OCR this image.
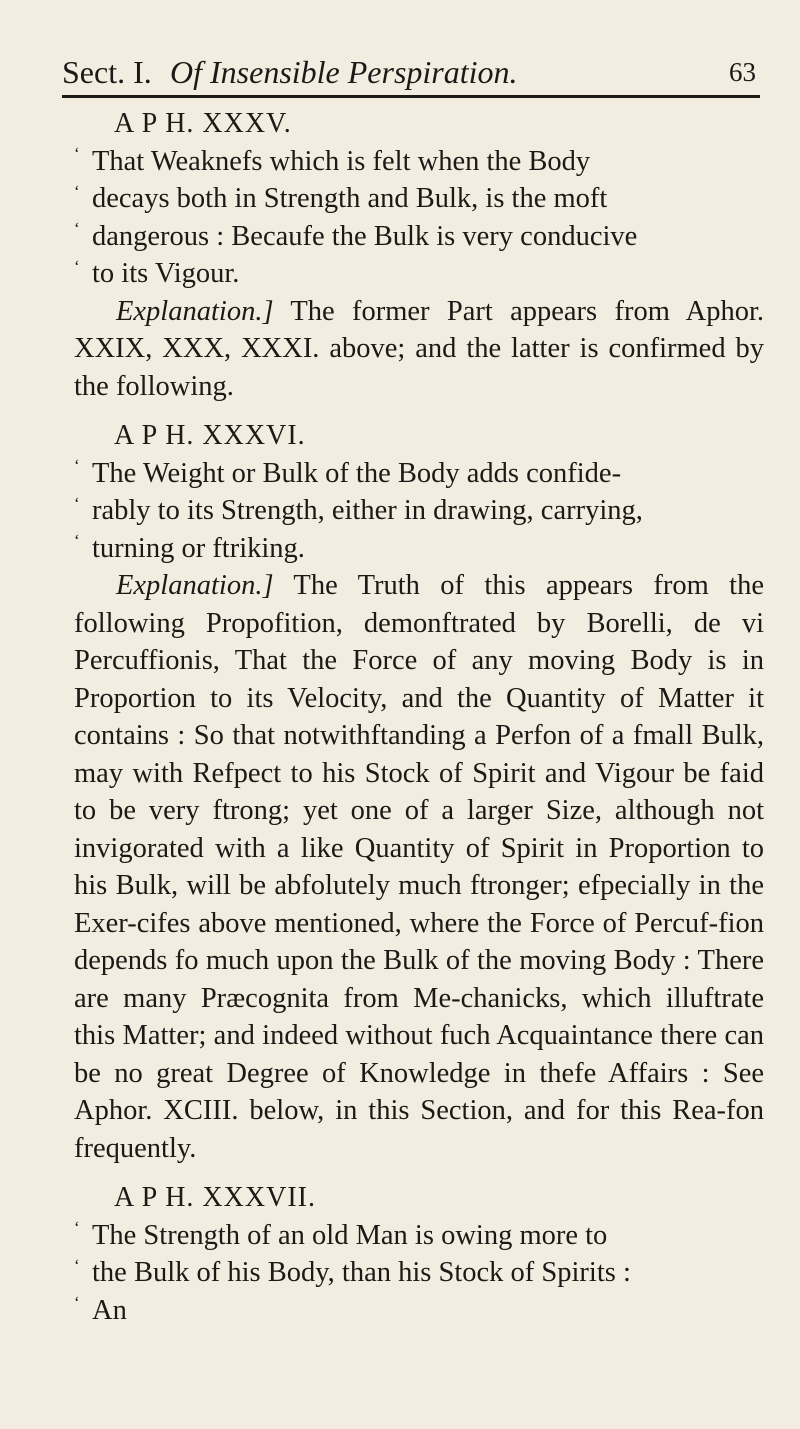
Sect. I. Of Insensible Perspiration.	63

A P H. XXXV.

‘ That Weaknefs which is felt when the Body

‘ decays both in Strength and Bulk, is the moft

‘ dangerous : Becaufe the Bulk is very conducive

‘ to its Vigour.

Explanation.] The former Part appears from Aphor. XXIX, XXX, XXXI. above; and the latter is confirmed by the following.

A P H. XXXVI.

‘ The Weight or Bulk of the Body adds confide-

‘ rably to its Strength, either in drawing, carrying,

‘ turning or ftriking.

Explanation.] The Truth of this appears from the following Propofition, demonftrated by Borelli, de vi Percuffionis, That the Force of any moving Body is in Proportion to its Velocity, and the Quantity of Matter it contains : So that notwithftanding a Perfon of a fmall Bulk, may with Refpect to his Stock of Spirit and Vigour be faid to be very ftrong; yet one of a larger Size, although not invigorated with a like Quantity of Spirit in Proportion to his Bulk, will be abfolutely much ftronger; efpecially in the Exer-cifes above mentioned, where the Force of Percuf-fion depends fo much upon the Bulk of the moving Body : There are many Præcognita from Me-chanicks, which illuftrate this Matter; and indeed without fuch Acquaintance there can be no great Degree of Knowledge in thefe Affairs : See Aphor. XCIII. below, in this Section, and for this Rea-fon frequently.

A P H. XXXVII.

‘ The Strength of an old Man is owing more to

‘ the Bulk of his Body, than his Stock of Spirits :

‘ An
